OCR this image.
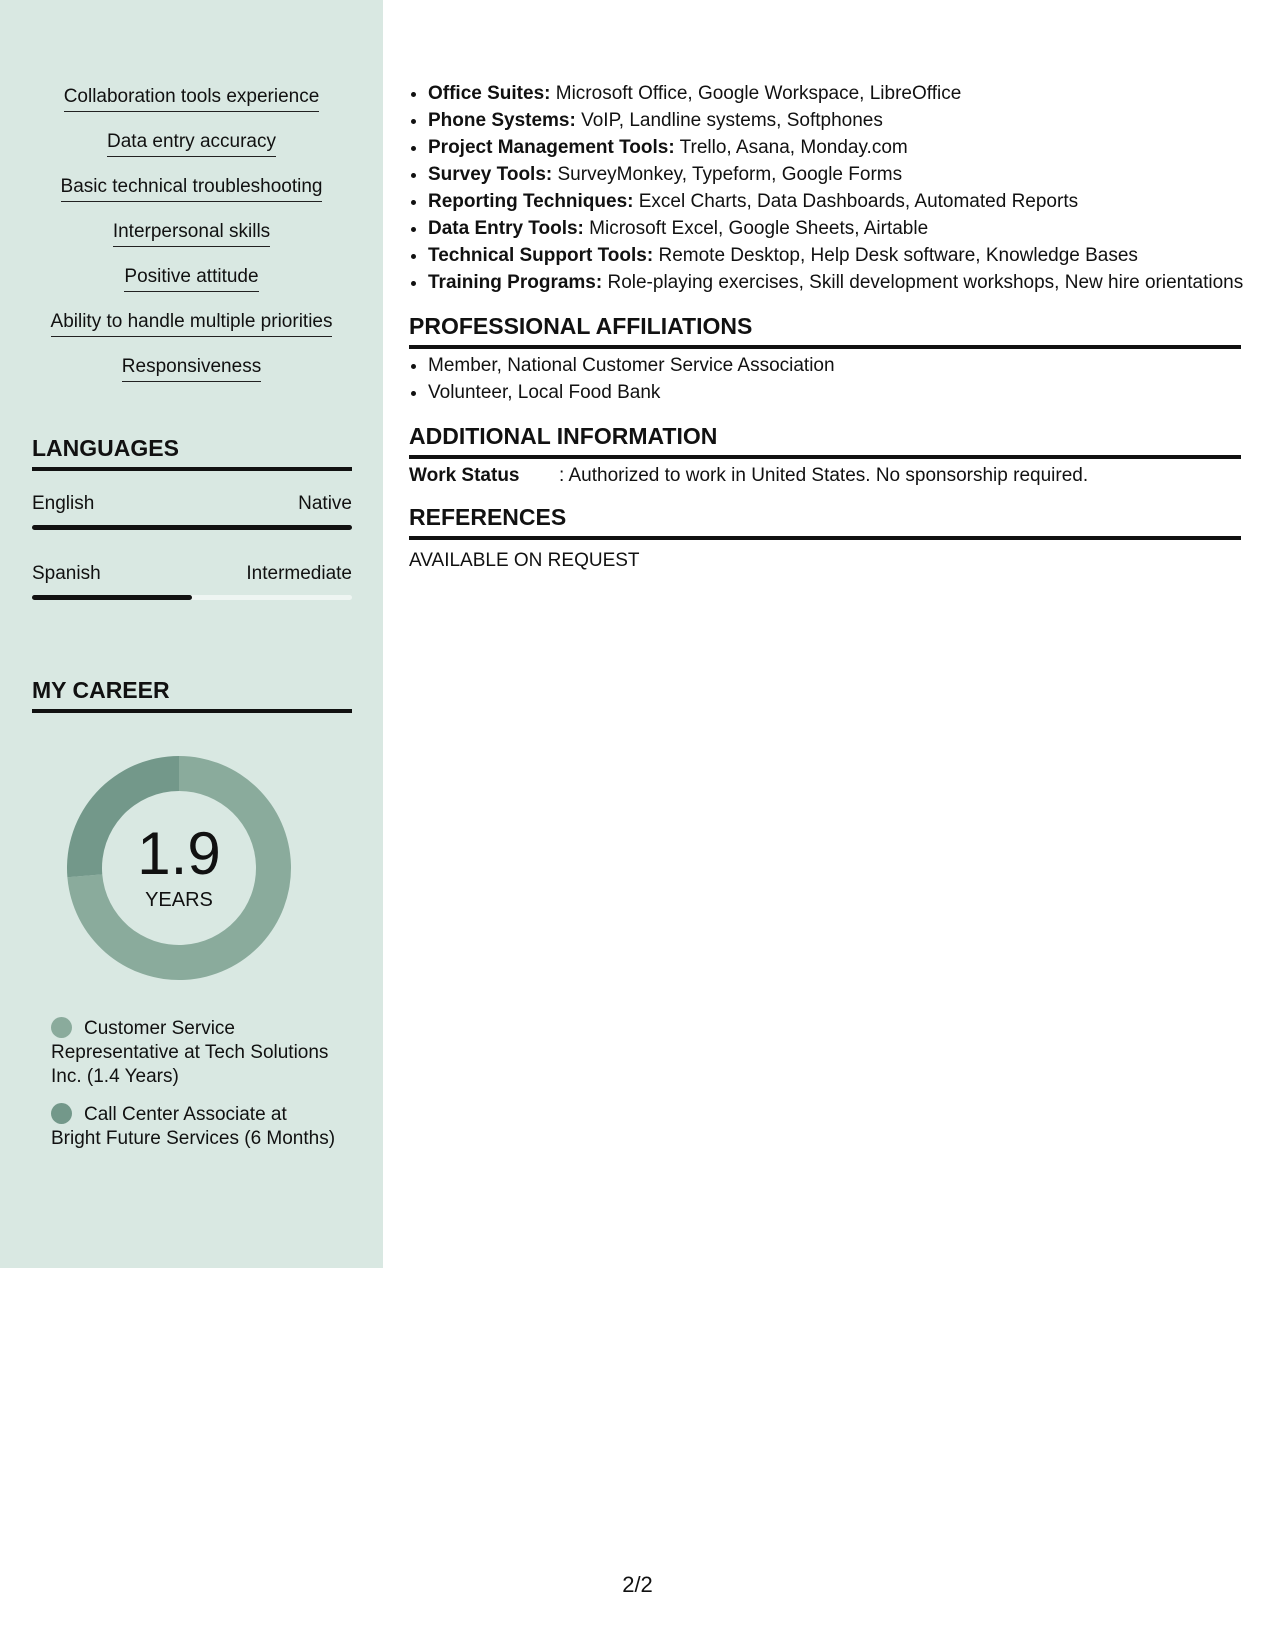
Collaboration tools experience
Data entry accuracy
Basic technical troubleshooting
Interpersonal skills
Positive attitude
Ability to handle multiple priorities
Responsiveness
LANGUAGES
English	Native
Spanish	Intermediate
MY CAREER
1.9
YEARS
Customer Service Representative at Tech Solutions Inc. (1.4 Years)
Call Center Associate at Bright Future Services (6 Months)
• Office Suites: Microsoft Office, Google Workspace, LibreOffice
• Phone Systems: VoIP, Landline systems, Softphones
• Project Management Tools: Trello, Asana, Monday.com
• Survey Tools: SurveyMonkey, Typeform, Google Forms
• Reporting Techniques: Excel Charts, Data Dashboards, Automated Reports
• Data Entry Tools: Microsoft Excel, Google Sheets, Airtable
• Technical Support Tools: Remote Desktop, Help Desk software, Knowledge Bases
• Training Programs: Role-playing exercises, Skill development workshops, New hire orientations
PROFESSIONAL AFFILIATIONS
• Member, National Customer Service Association
• Volunteer, Local Food Bank
ADDITIONAL INFORMATION
Work Status : Authorized to work in United States. No sponsorship required.
REFERENCES
AVAILABLE ON REQUEST
2/2
